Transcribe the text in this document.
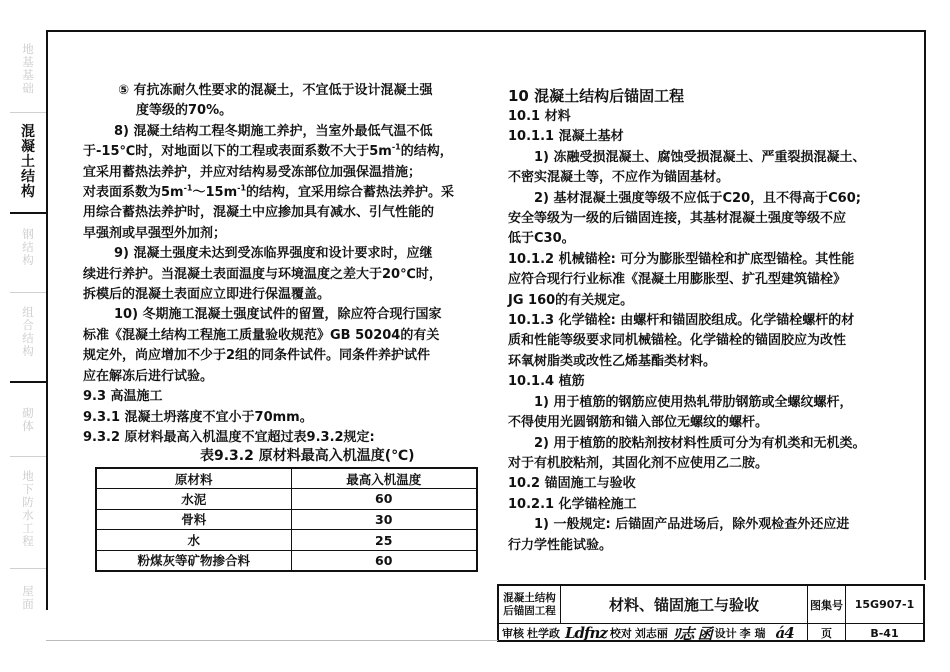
地
基
基
础
混
凝
土
结
构
钢
结
构
组
合
结
构
砌
体
地
下
防
水
工
程
屋
面

⑤ 有抗冻耐久性要求的混凝土，不宜低于设计混凝土强

度等级的70%。

8) 混凝土结构工程冬期施工养护，当室外最低气温不低

于-15℃时，对地面以下的工程或表面系数不大于$5m^{-1}$的结构，

宜采用蓄热法养护，并应对结构易受冻部位加强保温措施；

对表面系数为$5m^{-1}\sim 15m^{-1}$的结构，宜采用综合蓄热法养护。采

用综合蓄热法养护时，混凝土中应掺加具有减水、引气性能的

早强剂或早强型外加剂；

9) 混凝土强度未达到受冻临界强度和设计要求时，应继

续进行养护。当混凝土表面温度与环境温度之差大于20℃时，

拆模后的混凝土表面应立即进行保温覆盖。

10) 冬期施工混凝土强度试件的留置，除应符合现行国家

标准《混凝土结构工程施工质量验收规范》GB 50204的有关

规定外，尚应增加不少于2组的同条件试件。同条件养护试件

应在解冻后进行试验。

9.3 高温施工

9.3.1 混凝土坍落度不宜小于70mm。

9.3.2 原材料最高入机温度不宜超过表9.3.2规定:

表9.3.2 原材料最高入机温度(℃)
原材料	最高入机温度
水泥	60
骨料	30
水	25
粉煤灰等矿物掺合料	60
10 混凝土结构后锚固工程

10.1 材料

10.1.1 混凝土基材

1) 冻融受损混凝土、腐蚀受损混凝土、严重裂损混凝土、

不密实混凝土等，不应作为锚固基材。

2) 基材混凝土强度等级不应低于C20，且不得高于C60;

安全等级为一级的后锚固连接，其基材混凝土强度等级不应

低于C30。

10.1.2 机械锚栓: 可分为膨胀型锚栓和扩底型锚栓。其性能

应符合现行行业标准《混凝土用膨胀型、扩孔型建筑锚栓》

JG 160的有关规定。

10.1.3 化学锚栓: 由螺杆和锚固胶组成。化学锚栓螺杆的材

质和性能等级要求同机械锚栓。化学锚栓的锚固胶应为改性

环氧树脂类或改性乙烯基酯类材料。

10.1.4 植筋

1) 用于植筋的钢筋应使用热轧带肋钢筋或全螺纹螺杆，

不得使用光圆钢筋和锚入部位无螺纹的螺杆。

2) 用于植筋的胶粘剂按材料性质可分为有机类和无机类。

对于有机胶粘剂，其固化剂不应使用乙二胺。

10.2 锚固施工与验收

10.2.1 化学锚栓施工

1) 一般规定: 后锚固产品进场后，除外观检查外还应进

行力学性能试验。

混凝土结构
后锚固工程	材料、锚固施工与验收	图集号	15G907-1
审核 杜学政 Ldfnz 校对 刘志丽 ﾘ志 函 设计 李 瑞 á4	页	B-41
